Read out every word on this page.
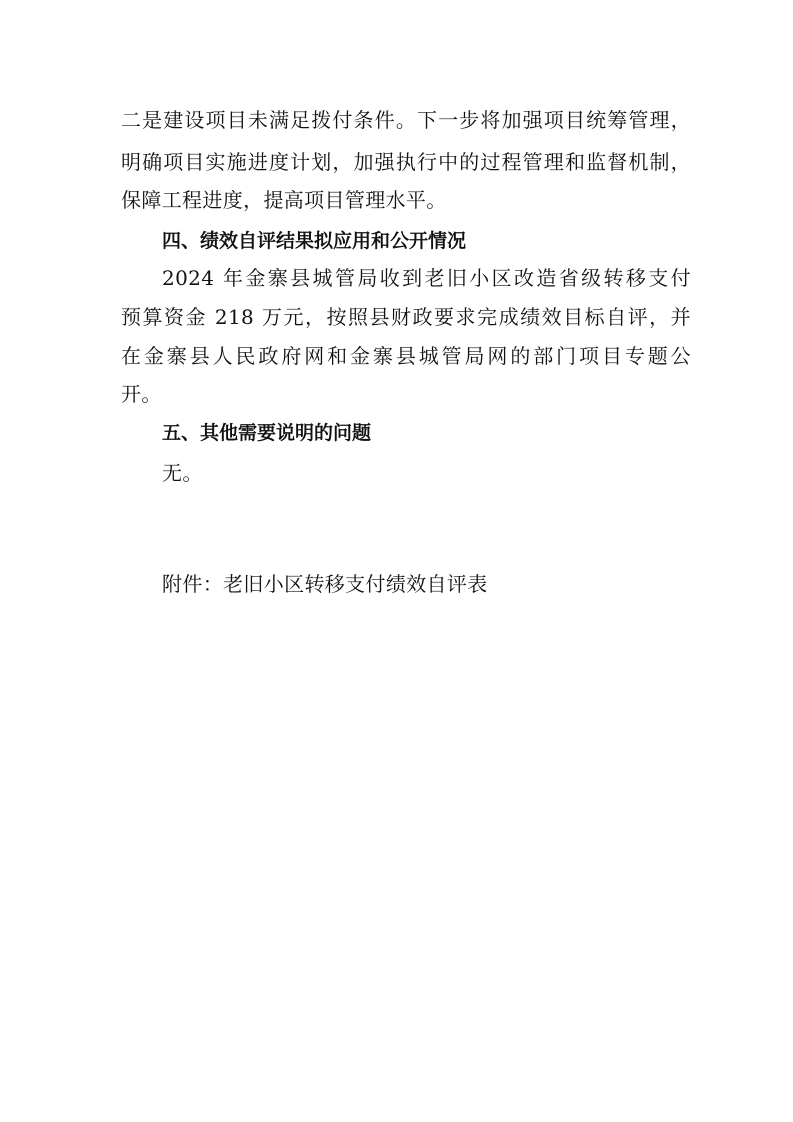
二是建设项目未满足拨付条件。下一步将加强项目统筹管理，
明确项目实施进度计划，加强执行中的过程管理和监督机制，
保障工程进度，提高项目管理水平。
四、绩效自评结果拟应用和公开情况
2024 年金寨县城管局收到老旧小区改造省级转移支付
预算资金 218 万元，按照县财政要求完成绩效目标自评，并
在金寨县人民政府网和金寨县城管局网的部门项目专题公
开。
五、其他需要说明的问题
无。
附件：老旧小区转移支付绩效自评表
